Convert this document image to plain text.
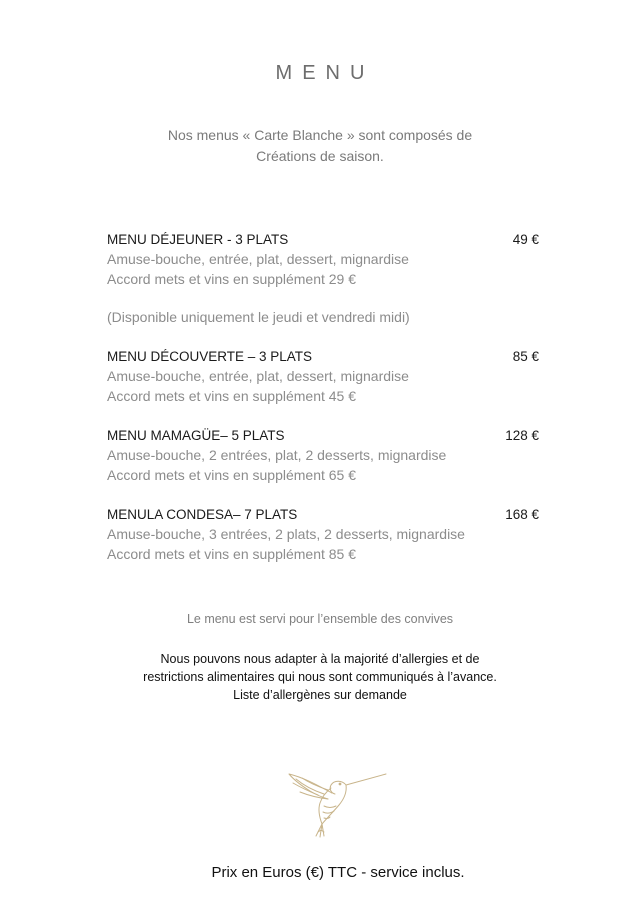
MENU
Nos menus « Carte Blanche » sont composés de
Créations de saison.
MENU DÉJEUNER - 3 PLATS	49 €
Amuse-bouche, entrée, plat, dessert, mignardise
Accord mets et vins en supplément 29 €
(Disponible uniquement le jeudi et vendredi midi)
MENU DÉCOUVERTE – 3 PLATS	85 €
Amuse-bouche, entrée, plat, dessert, mignardise
Accord mets et vins en supplément 45 €
MENU MAMAGÜE– 5 PLATS	128 €
Amuse-bouche, 2 entrées, plat, 2 desserts, mignardise
Accord mets et vins en supplément 65 €
MENULA CONDESA– 7 PLATS	168 €
Amuse-bouche, 3 entrées, 2 plats, 2 desserts, mignardise
Accord mets et vins en supplément 85 €
Le menu est servi pour l’ensemble des convives
Nous pouvons nous adapter à la majorité d’allergies et de
restrictions alimentaires qui nous sont communiqués à l’avance.
Liste d’allergènes sur demande
Prix en Euros (€) TTC - service inclus.
